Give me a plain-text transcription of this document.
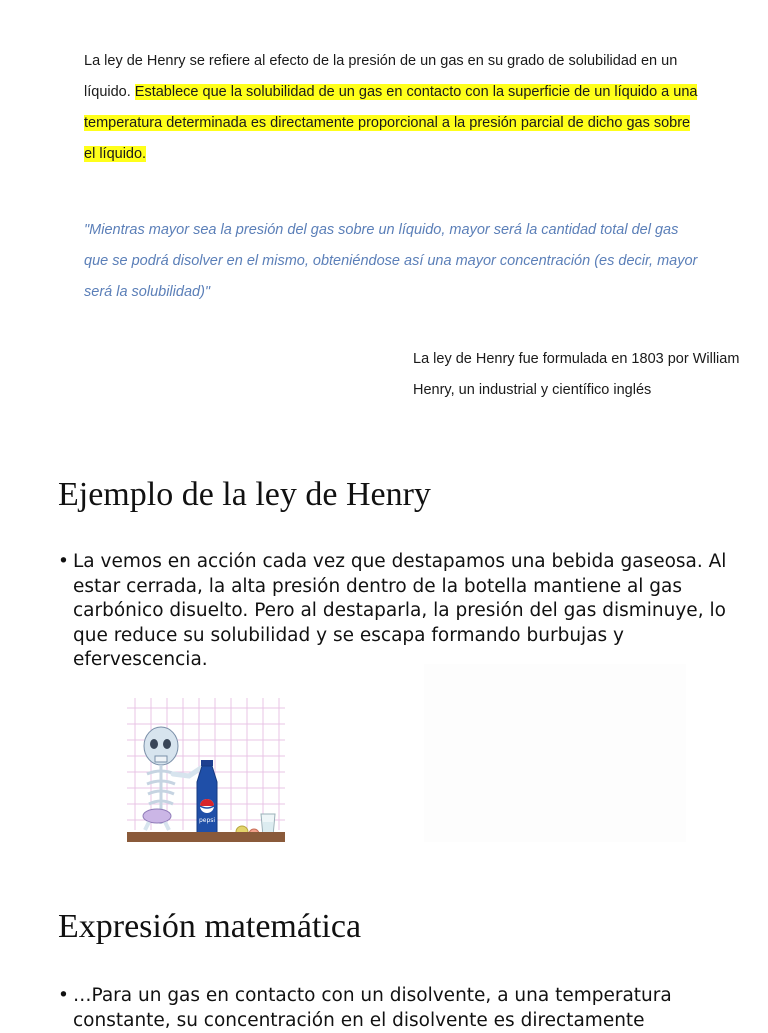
La ley de Henry se refiere al efecto de la presión de un gas en su grado de solubilidad en un líquido. Establece que la solubilidad de un gas en contacto con la superficie de un líquido a una temperatura determinada es directamente proporcional a la presión parcial de dicho gas sobre el líquido.
"Mientras mayor sea la presión del gas sobre un líquido, mayor será la cantidad total del gas que se podrá disolver en el mismo, obteniéndose así una mayor concentración (es decir, mayor será la solubilidad)"
La ley de Henry fue formulada en 1803 por William Henry, un industrial y científico inglés
Ejemplo de la ley de Henry
• La vemos en acción cada vez que destapamos una bebida gaseosa. Al estar cerrada, la alta presión dentro de la botella mantiene al gas carbónico disuelto. Pero al destaparla, la presión del gas disminuye, lo que reduce su solubilidad y se escapa formando burbujas y efervescencia.
pepsi
Expresión matemática
• …Para un gas en contacto con un disolvente, a una temperatura constante, su concentración en el disolvente es directamente
